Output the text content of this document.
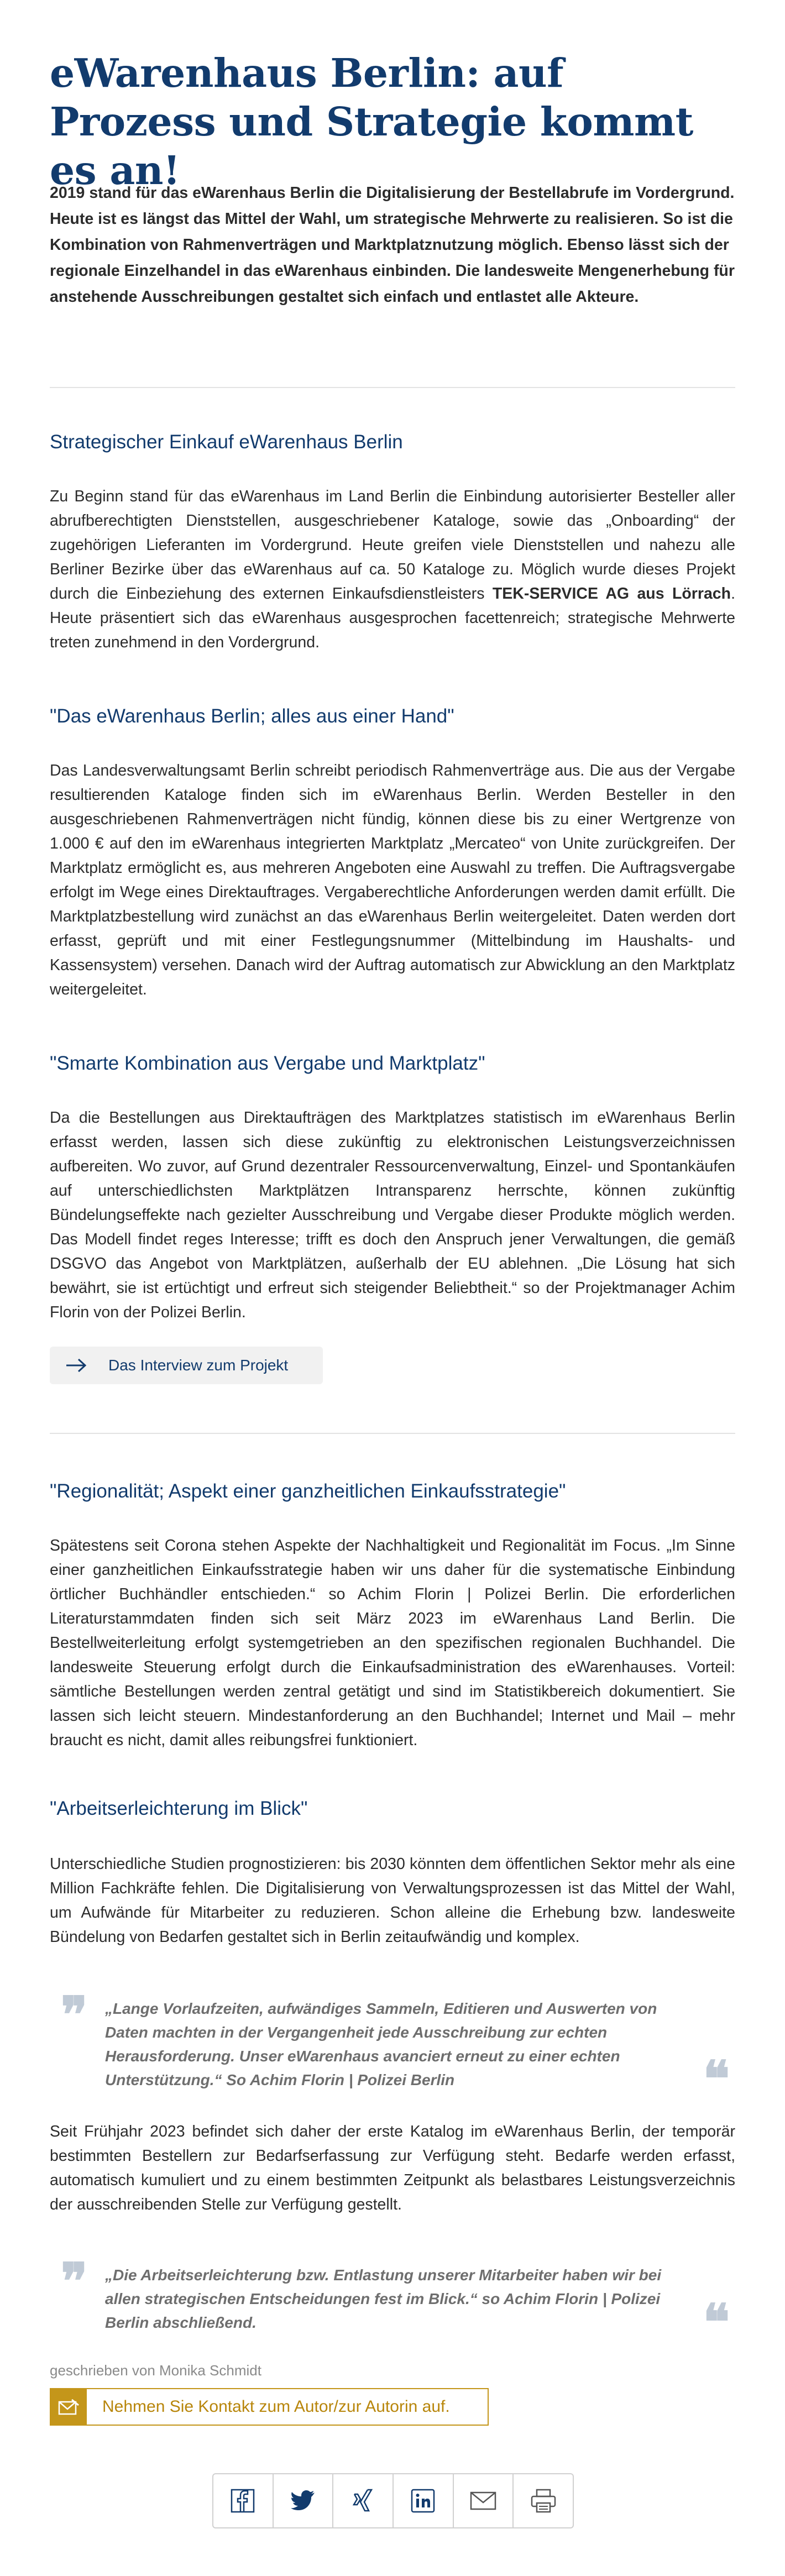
eWarenhaus Berlin: auf Prozess und Strategie kommt es an!

2019 stand für das eWarenhaus Berlin die Digitalisierung der Bestellabrufe im Vordergrund. Heute ist es längst das Mittel der Wahl, um strategische Mehrwerte zu realisieren. So ist die Kombination von Rahmenverträgen und Marktplatznutzung möglich. Ebenso lässt sich der regionale Einzelhandel in das eWarenhaus einbinden. Die landesweite Mengenerhebung für anstehende Ausschreibungen gestaltet sich einfach und entlastet alle Akteure.

Strategischer Einkauf eWarenhaus Berlin

Zu Beginn stand für das eWarenhaus im Land Berlin die Einbindung autorisierter Besteller aller abrufberechtigten Dienststellen, ausgeschriebener Kataloge, sowie das „Onboarding“ der zugehörigen Lieferanten im Vordergrund. Heute greifen viele Dienststellen und nahezu alle Berliner Bezirke über das eWarenhaus auf ca. 50 Kataloge zu. Möglich wurde dieses Projekt durch die Einbeziehung des externen Einkaufsdienstleisters TEK-SERVICE AG aus Lörrach. Heute präsentiert sich das eWarenhaus ausgesprochen facettenreich; strategische Mehrwerte treten zunehmend in den Vordergrund.

"Das eWarenhaus Berlin; alles aus einer Hand"

Das Landesverwaltungsamt Berlin schreibt periodisch Rahmenverträge aus. Die aus der Vergabe resultierenden Kataloge finden sich im eWarenhaus Berlin. Werden Besteller in den ausgeschriebenen Rahmenverträgen nicht fündig, können diese bis zu einer Wertgrenze von 1.000 € auf den im eWarenhaus integrierten Marktplatz „Mercateo“ von Unite zurückgreifen. Der Marktplatz ermöglicht es, aus mehreren Angeboten eine Auswahl zu treffen. Die Auftragsvergabe erfolgt im Wege eines Direktauftrages. Vergaberechtliche Anforderungen werden damit erfüllt. Die Marktplatzbestellung wird zunächst an das eWarenhaus Berlin weitergeleitet. Daten werden dort erfasst, geprüft und mit einer Festlegungsnummer (Mittelbindung im Haushalts- und Kassensystem) versehen. Danach wird der Auftrag automatisch zur Abwicklung an den Marktplatz weitergeleitet.

"Smarte Kombination aus Vergabe und Marktplatz"

Da die Bestellungen aus Direktaufträgen des Marktplatzes statistisch im eWarenhaus Berlin erfasst werden, lassen sich diese zukünftig zu elektronischen Leistungsverzeichnissen aufbereiten. Wo zuvor, auf Grund dezentraler Ressourcenverwaltung, Einzel- und Spontankäufen auf unterschiedlichsten Marktplätzen Intransparenz herrschte, können zukünftig Bündelungseffekte nach gezielter Ausschreibung und Vergabe dieser Produkte möglich werden. Das Modell findet reges Interesse; trifft es doch den Anspruch jener Verwaltungen, die gemäß DSGVO das Angebot von Marktplätzen, außerhalb der EU ablehnen. „Die Lösung hat sich bewährt, sie ist ertüchtigt und erfreut sich steigender Beliebtheit.“ so der Projektmanager Achim Florin von der Polizei Berlin.

Das Interview zum Projekt
"Regionalität; Aspekt einer ganzheitlichen Einkaufsstrategie"

Spätestens seit Corona stehen Aspekte der Nachhaltigkeit und Regionalität im Focus. „Im Sinne einer ganzheitlichen Einkaufsstrategie haben wir uns daher für die systematische Einbindung örtlicher Buchhändler entschieden.“ so Achim Florin | Polizei Berlin. Die erforderlichen Literaturstammdaten finden sich seit März 2023 im eWarenhaus Land Berlin. Die Bestellweiterleitung erfolgt systemgetrieben an den spezifischen regionalen Buchhandel. Die landesweite Steuerung erfolgt durch die Einkaufsadministration des eWarenhauses. Vorteil: sämtliche Bestellungen werden zentral getätigt und sind im Statistikbereich dokumentiert. Sie lassen sich leicht steuern. Mindestanforderung an den Buchhandel; Internet und Mail – mehr braucht es nicht, damit alles reibungsfrei funktioniert.

"Arbeitserleichterung im Blick"

Unterschiedliche Studien prognostizieren: bis 2030 könnten dem öffentlichen Sektor mehr als eine Million Fachkräfte fehlen. Die Digitalisierung von Verwaltungsprozessen ist das Mittel der Wahl, um Aufwände für Mitarbeiter zu reduzieren. Schon alleine die Erhebung bzw. landesweite Bündelung von Bedarfen gestaltet sich in Berlin zeitaufwändig und komplex.

❞ „Lange Vorlaufzeiten, aufwändiges Sammeln, Editieren und Auswerten von Daten machten in der Vergangenheit jede Ausschreibung zur echten Herausforderung. Unser eWarenhaus avanciert erneut zu einer echten Unterstützung.“ So Achim Florin | Polizei Berlin	❝

Seit Frühjahr 2023 befindet sich daher der erste Katalog im eWarenhaus Berlin, der temporär bestimmten Bestellern zur Bedarfserfassung zur Verfügung steht. Bedarfe werden erfasst, automatisch kumuliert und zu einem bestimmten Zeitpunkt als belastbares Leistungsverzeichnis der ausschreibenden Stelle zur Verfügung gestellt.

❞ „Die Arbeitserleichterung bzw. Entlastung unserer Mitarbeiter haben wir bei allen strategischen Entscheidungen fest im Blick.“ so Achim Florin | Polizei Berlin abschließend.	❝
geschrieben von Monika Schmidt
Nehmen Sie Kontakt zum Autor/zur Autorin auf.
